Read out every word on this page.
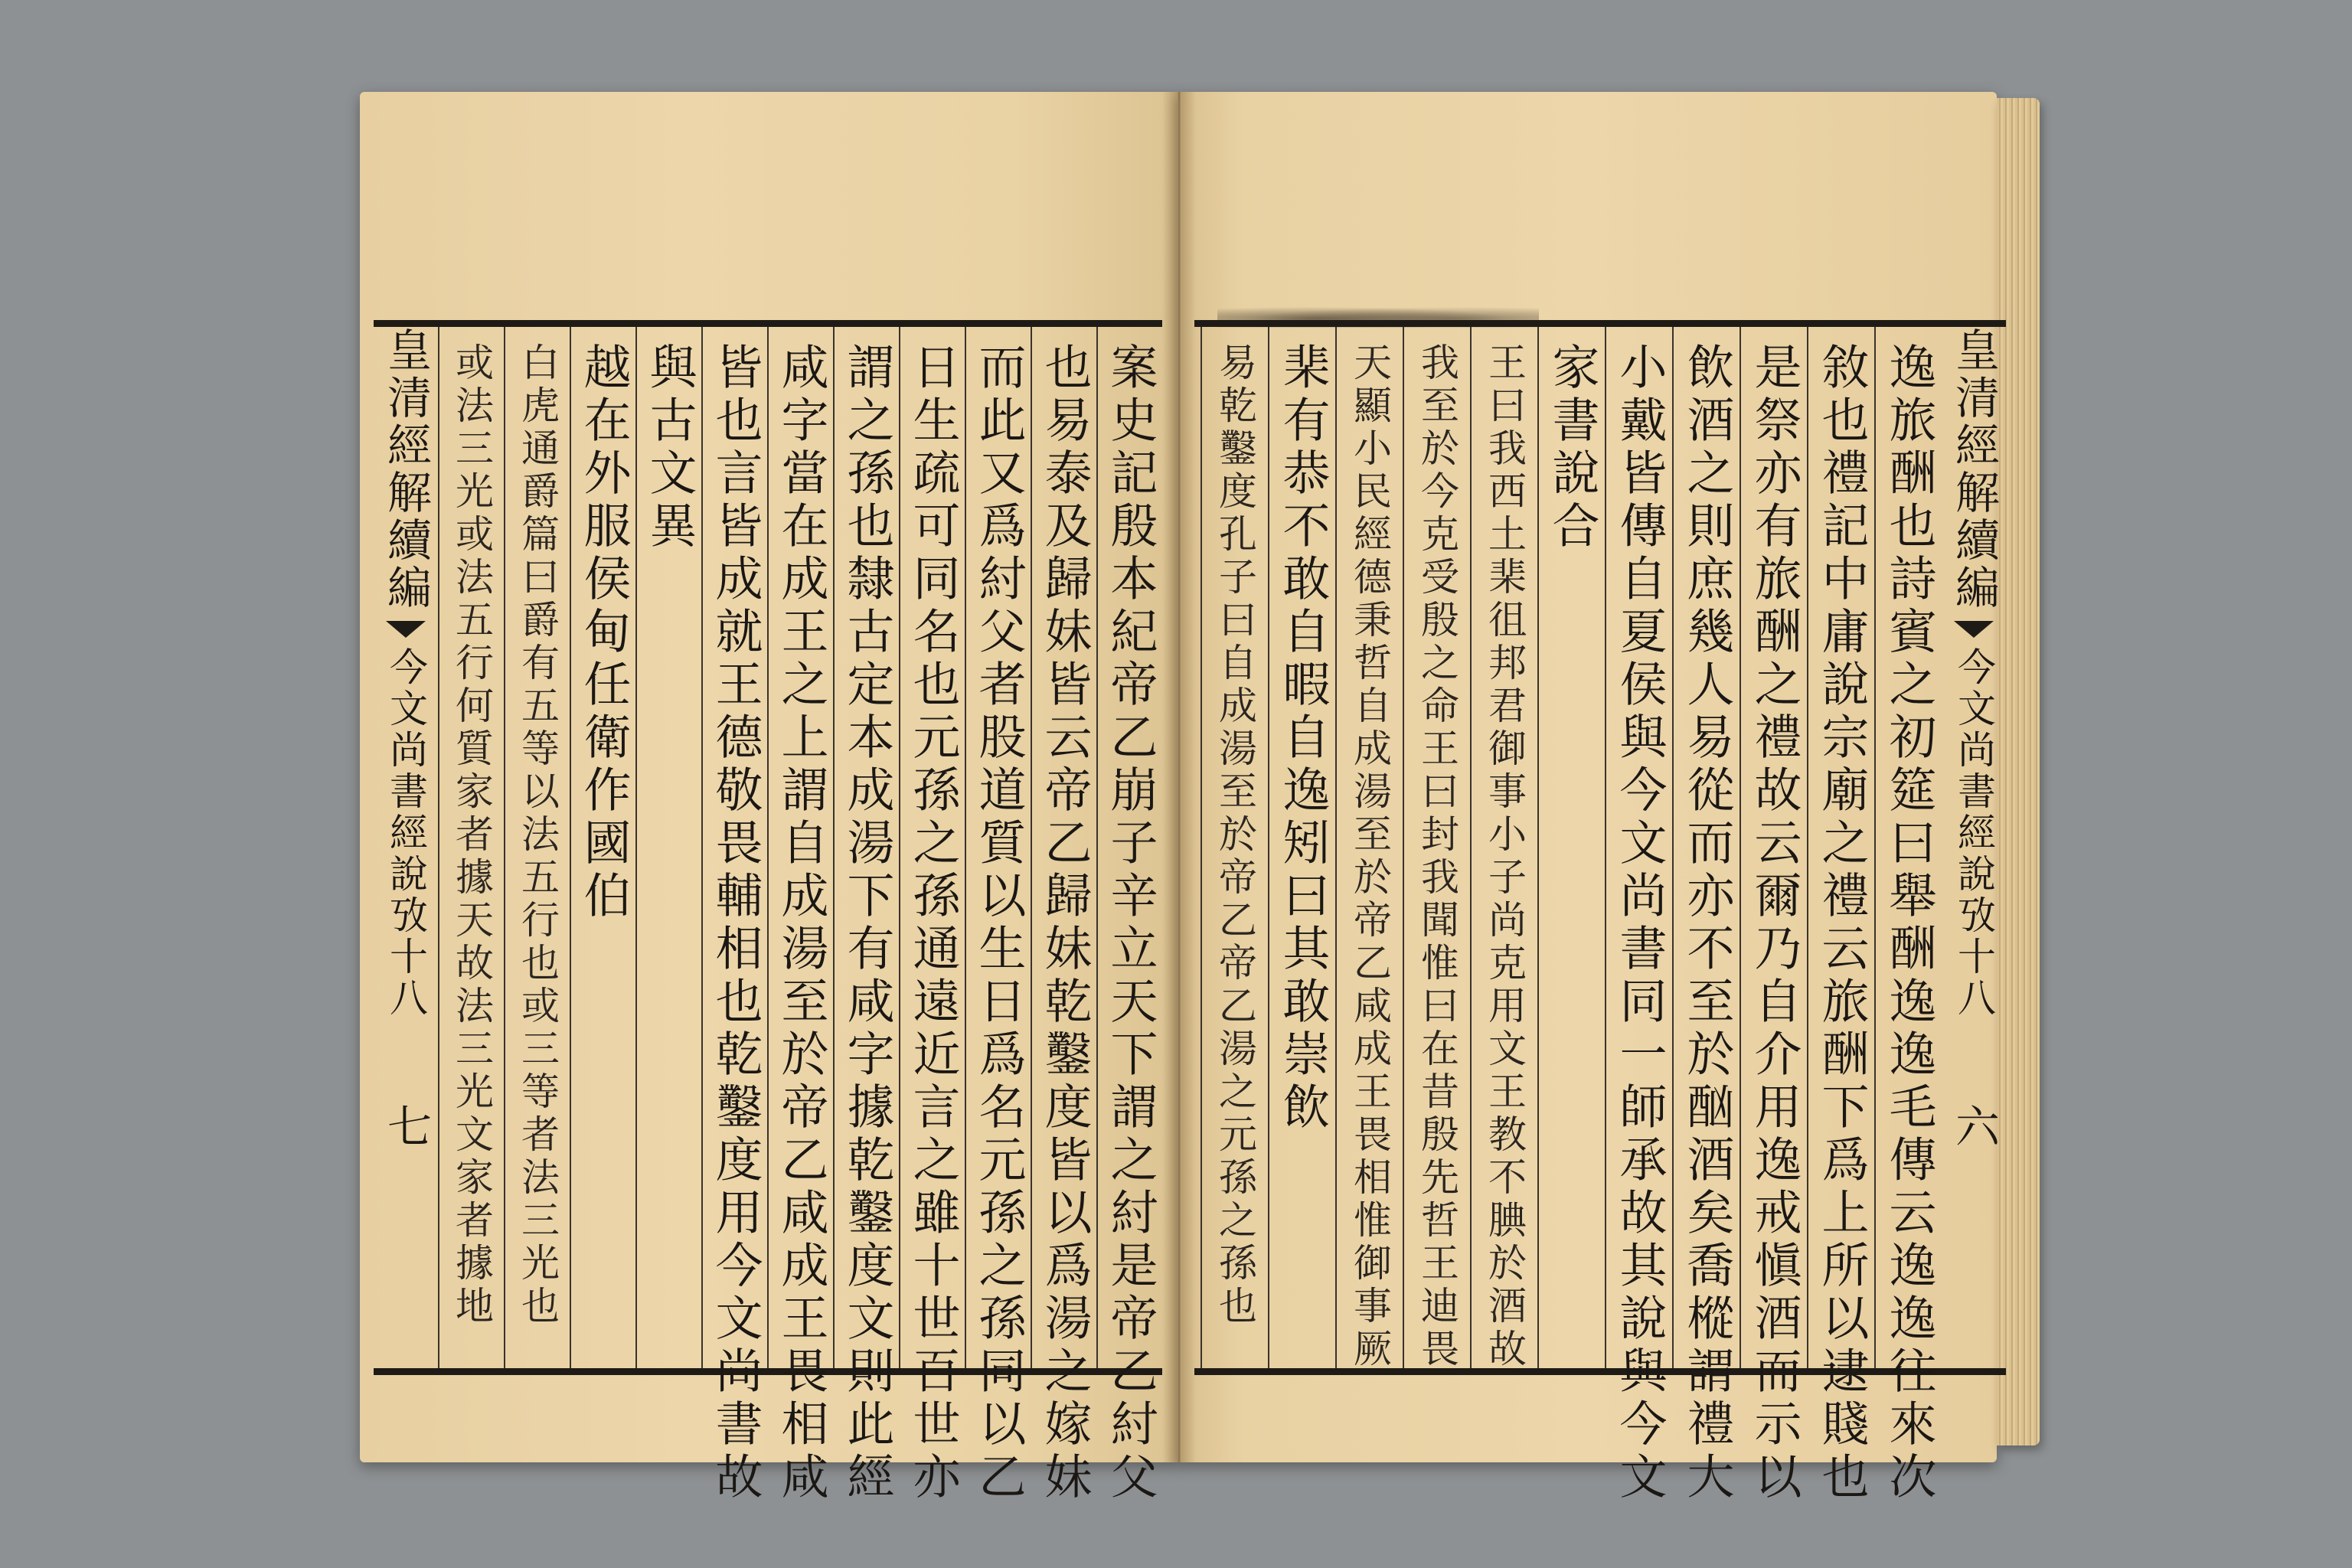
案史記殷本紀帝乙崩子辛立天下謂之紂是帝乙紂父
也易泰及歸妹皆云帝乙歸妹乾鑿度皆以爲湯之嫁妹
而此又爲紂父者股道質以生日爲名元孫之孫同以乙
日生疏可同名也元孫之孫通遠近言之雖十世百世亦
謂之孫也隸古定本成湯下有咸字據乾鑿度文則此經
咸字當在成王之上謂自成湯至於帝乙咸成王畏相咸
皆也言皆成就王德敬畏輔相也乾鑿度用今文尚書故
與古文異
越在外服侯甸任衛作國伯
白虎通爵篇曰爵有五等以法五行也或三等者法三光也
或法三光或法五行何質家者據天故法三光文家者據地
皇清經解續編
今文尚書經說攷十八
七
皇清經解續編
今文尚書經說攷十八
六
逸旅酬也詩賓之初筵曰舉酬逸逸毛傳云逸逸往來次
敘也禮記中庸說宗廟之禮云旅酬下爲上所以逮賤也
是祭亦有旅酬之禮故云爾乃自介用逸戒愼酒而示以
飲酒之則庶幾人易從而亦不至於酗酒矣喬樅謂禮大
小戴皆傳自夏侯與今文尚書同一師承故其說與今文
家書說合
王曰我西土棐徂邦君御事小子尚克用文王教不腆於酒故
我至於今克受殷之命王曰封我聞惟曰在昔殷先哲王迪畏
天顯小民經德秉哲自成湯至於帝乙咸成王畏相惟御事厥
棐有恭不敢自暇自逸矧曰其敢崇飲
易乾鑿度孔子曰自成湯至於帝乙帝乙湯之元孫之孫也
